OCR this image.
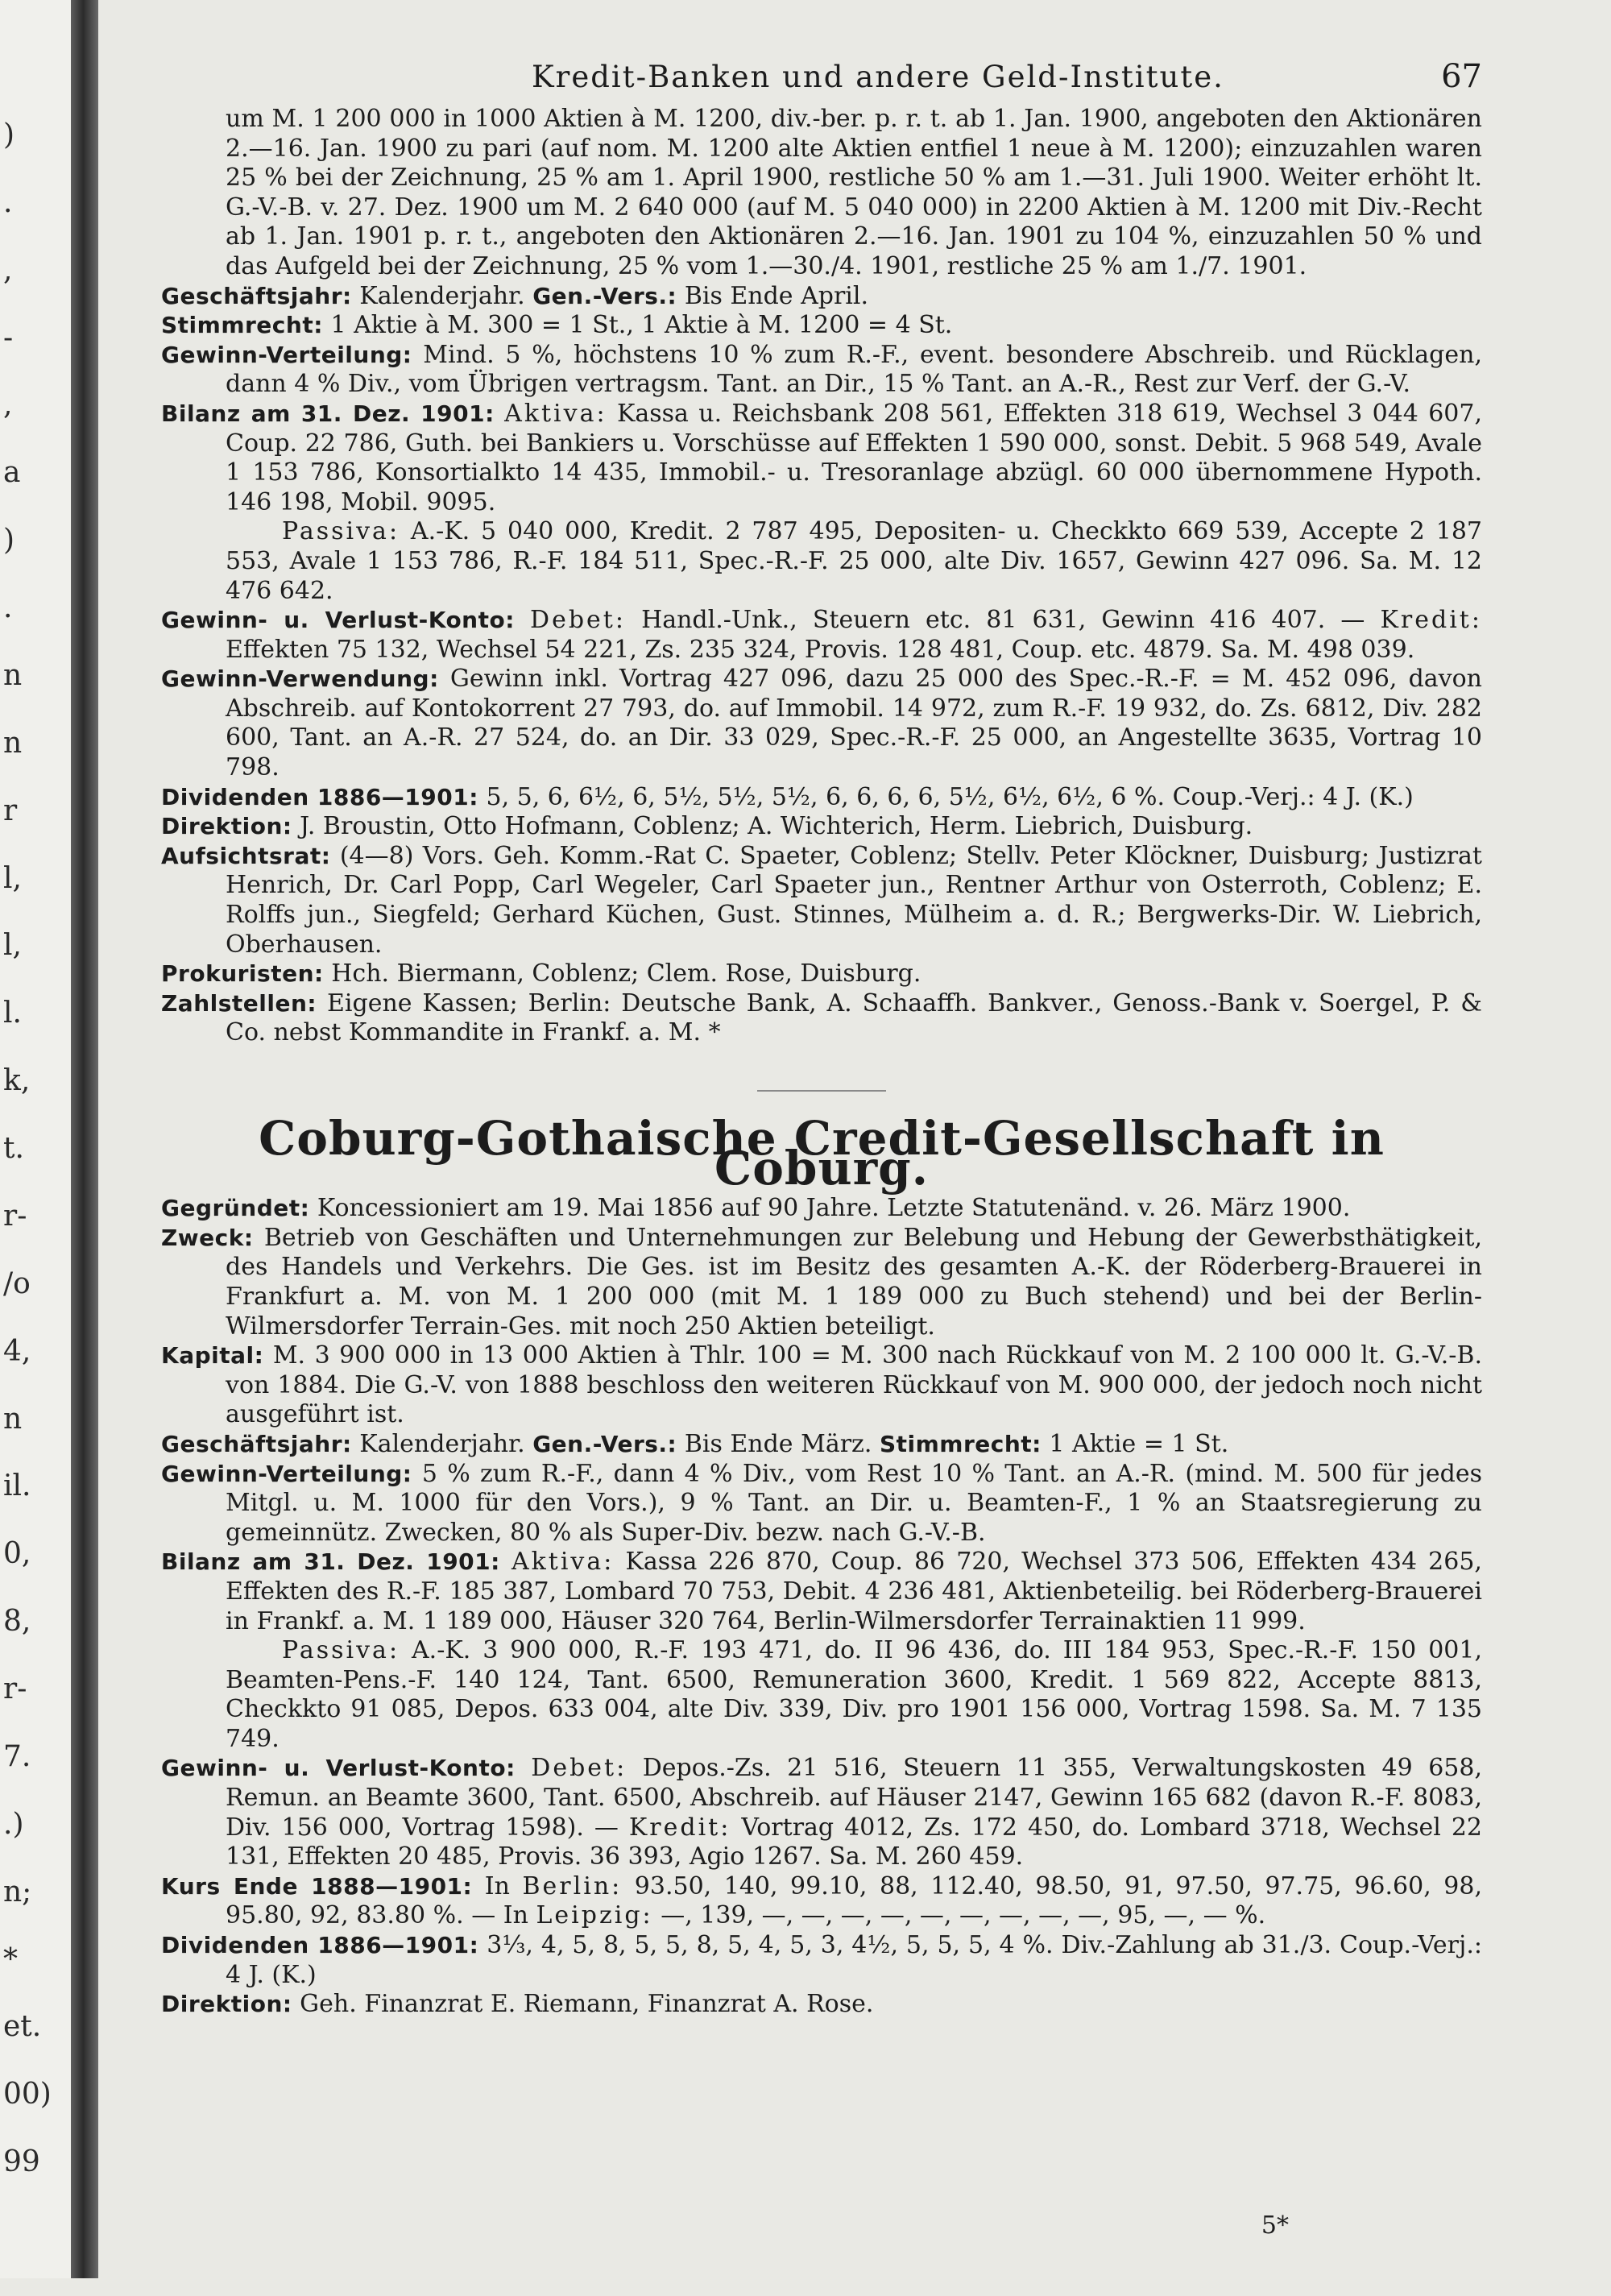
)
.
,
-
,
a
)
.
n
n
r
l,
l,
l.
k,
t.
r-
/o
4,
n
il.
0,
8,
r-
7.
.)
n;
*
et.
00)
99
Kredit-Banken und andere Geld-Institute.	67

um M. 1 200 000 in 1000 Aktien à M. 1200, div.-ber. p. r. t. ab 1. Jan. 1900, angeboten den Aktionären 2.—16. Jan. 1900 zu pari (auf nom. M. 1200 alte Aktien entfiel 1 neue à M. 1200); einzuzahlen waren 25 % bei der Zeichnung, 25 % am 1. April 1900, restliche 50 % am 1.—31. Juli 1900. Weiter erhöht lt. G.-V.-B. v. 27. Dez. 1900 um M. 2 640 000 (auf M. 5 040 000) in 2200 Aktien à M. 1200 mit Div.-Recht ab 1. Jan. 1901 p. r. t., angeboten den Aktionären 2.—16. Jan. 1901 zu 104 %, einzuzahlen 50 % und das Aufgeld bei der Zeichnung, 25 % vom 1.—30./4. 1901, restliche 25 % am 1./7. 1901.

Geschäftsjahr: Kalenderjahr. Gen.-Vers.: Bis Ende April.

Stimmrecht: 1 Aktie à M. 300 = 1 St., 1 Aktie à M. 1200 = 4 St.

Gewinn-Verteilung: Mind. 5 %, höchstens 10 % zum R.-F., event. besondere Abschreib. und Rücklagen, dann 4 % Div., vom Übrigen vertragsm. Tant. an Dir., 15 % Tant. an A.-R., Rest zur Verf. der G.-V.

Bilanz am 31. Dez. 1901: Aktiva: Kassa u. Reichsbank 208 561, Effekten 318 619, Wechsel 3 044 607, Coup. 22 786, Guth. bei Bankiers u. Vorschüsse auf Effekten 1 590 000, sonst. Debit. 5 968 549, Avale 1 153 786, Konsortialkto 14 435, Immobil.- u. Tresoranlage abzügl. 60 000 übernommene Hypoth. 146 198, Mobil. 9095.

Passiva: A.-K. 5 040 000, Kredit. 2 787 495, Depositen- u. Checkkto 669 539, Accepte 2 187 553, Avale 1 153 786, R.-F. 184 511, Spec.-R.-F. 25 000, alte Div. 1657, Gewinn 427 096. Sa. M. 12 476 642.

Gewinn- u. Verlust-Konto: Debet: Handl.-Unk., Steuern etc. 81 631, Gewinn 416 407. — Kredit: Effekten 75 132, Wechsel 54 221, Zs. 235 324, Provis. 128 481, Coup. etc. 4879. Sa. M. 498 039.

Gewinn-Verwendung: Gewinn inkl. Vortrag 427 096, dazu 25 000 des Spec.-R.-F. = M. 452 096, davon Abschreib. auf Kontokorrent 27 793, do. auf Immobil. 14 972, zum R.-F. 19 932, do. Zs. 6812, Div. 282 600, Tant. an A.-R. 27 524, do. an Dir. 33 029, Spec.-R.-F. 25 000, an Angestellte 3635, Vortrag 10 798.

Dividenden 1886—1901: 5, 5, 6, 6½, 6, 5½, 5½, 5½, 6, 6, 6, 6, 5½, 6½, 6½, 6 %. Coup.-Verj.: 4 J. (K.)

Direktion: J. Broustin, Otto Hofmann, Coblenz; A. Wichterich, Herm. Liebrich, Duisburg.

Aufsichtsrat: (4—8) Vors. Geh. Komm.-Rat C. Spaeter, Coblenz; Stellv. Peter Klöckner, Duisburg; Justizrat Henrich, Dr. Carl Popp, Carl Wegeler, Carl Spaeter jun., Rentner Arthur von Osterroth, Coblenz; E. Rolffs jun., Siegfeld; Gerhard Küchen, Gust. Stinnes, Mülheim a. d. R.; Bergwerks-Dir. W. Liebrich, Oberhausen.

Prokuristen: Hch. Biermann, Coblenz; Clem. Rose, Duisburg.

Zahlstellen: Eigene Kassen; Berlin: Deutsche Bank, A. Schaaffh. Bankver., Genoss.-Bank v. Soergel, P. & Co. nebst Kommandite in Frankf. a. M. *

Coburg-Gothaische Credit-Gesellschaft in Coburg.

Gegründet: Koncessioniert am 19. Mai 1856 auf 90 Jahre. Letzte Statutenänd. v. 26. März 1900.

Zweck: Betrieb von Geschäften und Unternehmungen zur Belebung und Hebung der Gewerbsthätigkeit, des Handels und Verkehrs. Die Ges. ist im Besitz des gesamten A.-K. der Röderberg-Brauerei in Frankfurt a. M. von M. 1 200 000 (mit M. 1 189 000 zu Buch stehend) und bei der Berlin-Wilmersdorfer Terrain-Ges. mit noch 250 Aktien beteiligt.

Kapital: M. 3 900 000 in 13 000 Aktien à Thlr. 100 = M. 300 nach Rückkauf von M. 2 100 000 lt. G.-V.-B. von 1884. Die G.-V. von 1888 beschloss den weiteren Rückkauf von M. 900 000, der jedoch noch nicht ausgeführt ist.

Geschäftsjahr: Kalenderjahr. Gen.-Vers.: Bis Ende März. Stimmrecht: 1 Aktie = 1 St.

Gewinn-Verteilung: 5 % zum R.-F., dann 4 % Div., vom Rest 10 % Tant. an A.-R. (mind. M. 500 für jedes Mitgl. u. M. 1000 für den Vors.), 9 % Tant. an Dir. u. Beamten-F., 1 % an Staatsregierung zu gemeinnütz. Zwecken, 80 % als Super-Div. bezw. nach G.-V.-B.

Bilanz am 31. Dez. 1901: Aktiva: Kassa 226 870, Coup. 86 720, Wechsel 373 506, Effekten 434 265, Effekten des R.-F. 185 387, Lombard 70 753, Debit. 4 236 481, Aktienbeteilig. bei Röderberg-Brauerei in Frankf. a. M. 1 189 000, Häuser 320 764, Berlin-Wilmersdorfer Terrainaktien 11 999.

Passiva: A.-K. 3 900 000, R.-F. 193 471, do. II 96 436, do. III 184 953, Spec.-R.-F. 150 001, Beamten-Pens.-F. 140 124, Tant. 6500, Remuneration 3600, Kredit. 1 569 822, Accepte 8813, Checkkto 91 085, Depos. 633 004, alte Div. 339, Div. pro 1901 156 000, Vortrag 1598. Sa. M. 7 135 749.

Gewinn- u. Verlust-Konto: Debet: Depos.-Zs. 21 516, Steuern 11 355, Verwaltungskosten 49 658, Remun. an Beamte 3600, Tant. 6500, Abschreib. auf Häuser 2147, Gewinn 165 682 (davon R.-F. 8083, Div. 156 000, Vortrag 1598). — Kredit: Vortrag 4012, Zs. 172 450, do. Lombard 3718, Wechsel 22 131, Effekten 20 485, Provis. 36 393, Agio 1267. Sa. M. 260 459.

Kurs Ende 1888—1901: In Berlin: 93.50, 140, 99.10, 88, 112.40, 98.50, 91, 97.50, 97.75, 96.60, 98, 95.80, 92, 83.80 %. — In Leipzig: —, 139, —, —, —, —, —, —, —, —, —, 95, —, — %.

Dividenden 1886—1901: 3⅓, 4, 5, 8, 5, 5, 8, 5, 4, 5, 3, 4½, 5, 5, 5, 4 %. Div.-Zahlung ab 31./3. Coup.-Verj.: 4 J. (K.)

Direktion: Geh. Finanzrat E. Riemann, Finanzrat A. Rose.

5*
